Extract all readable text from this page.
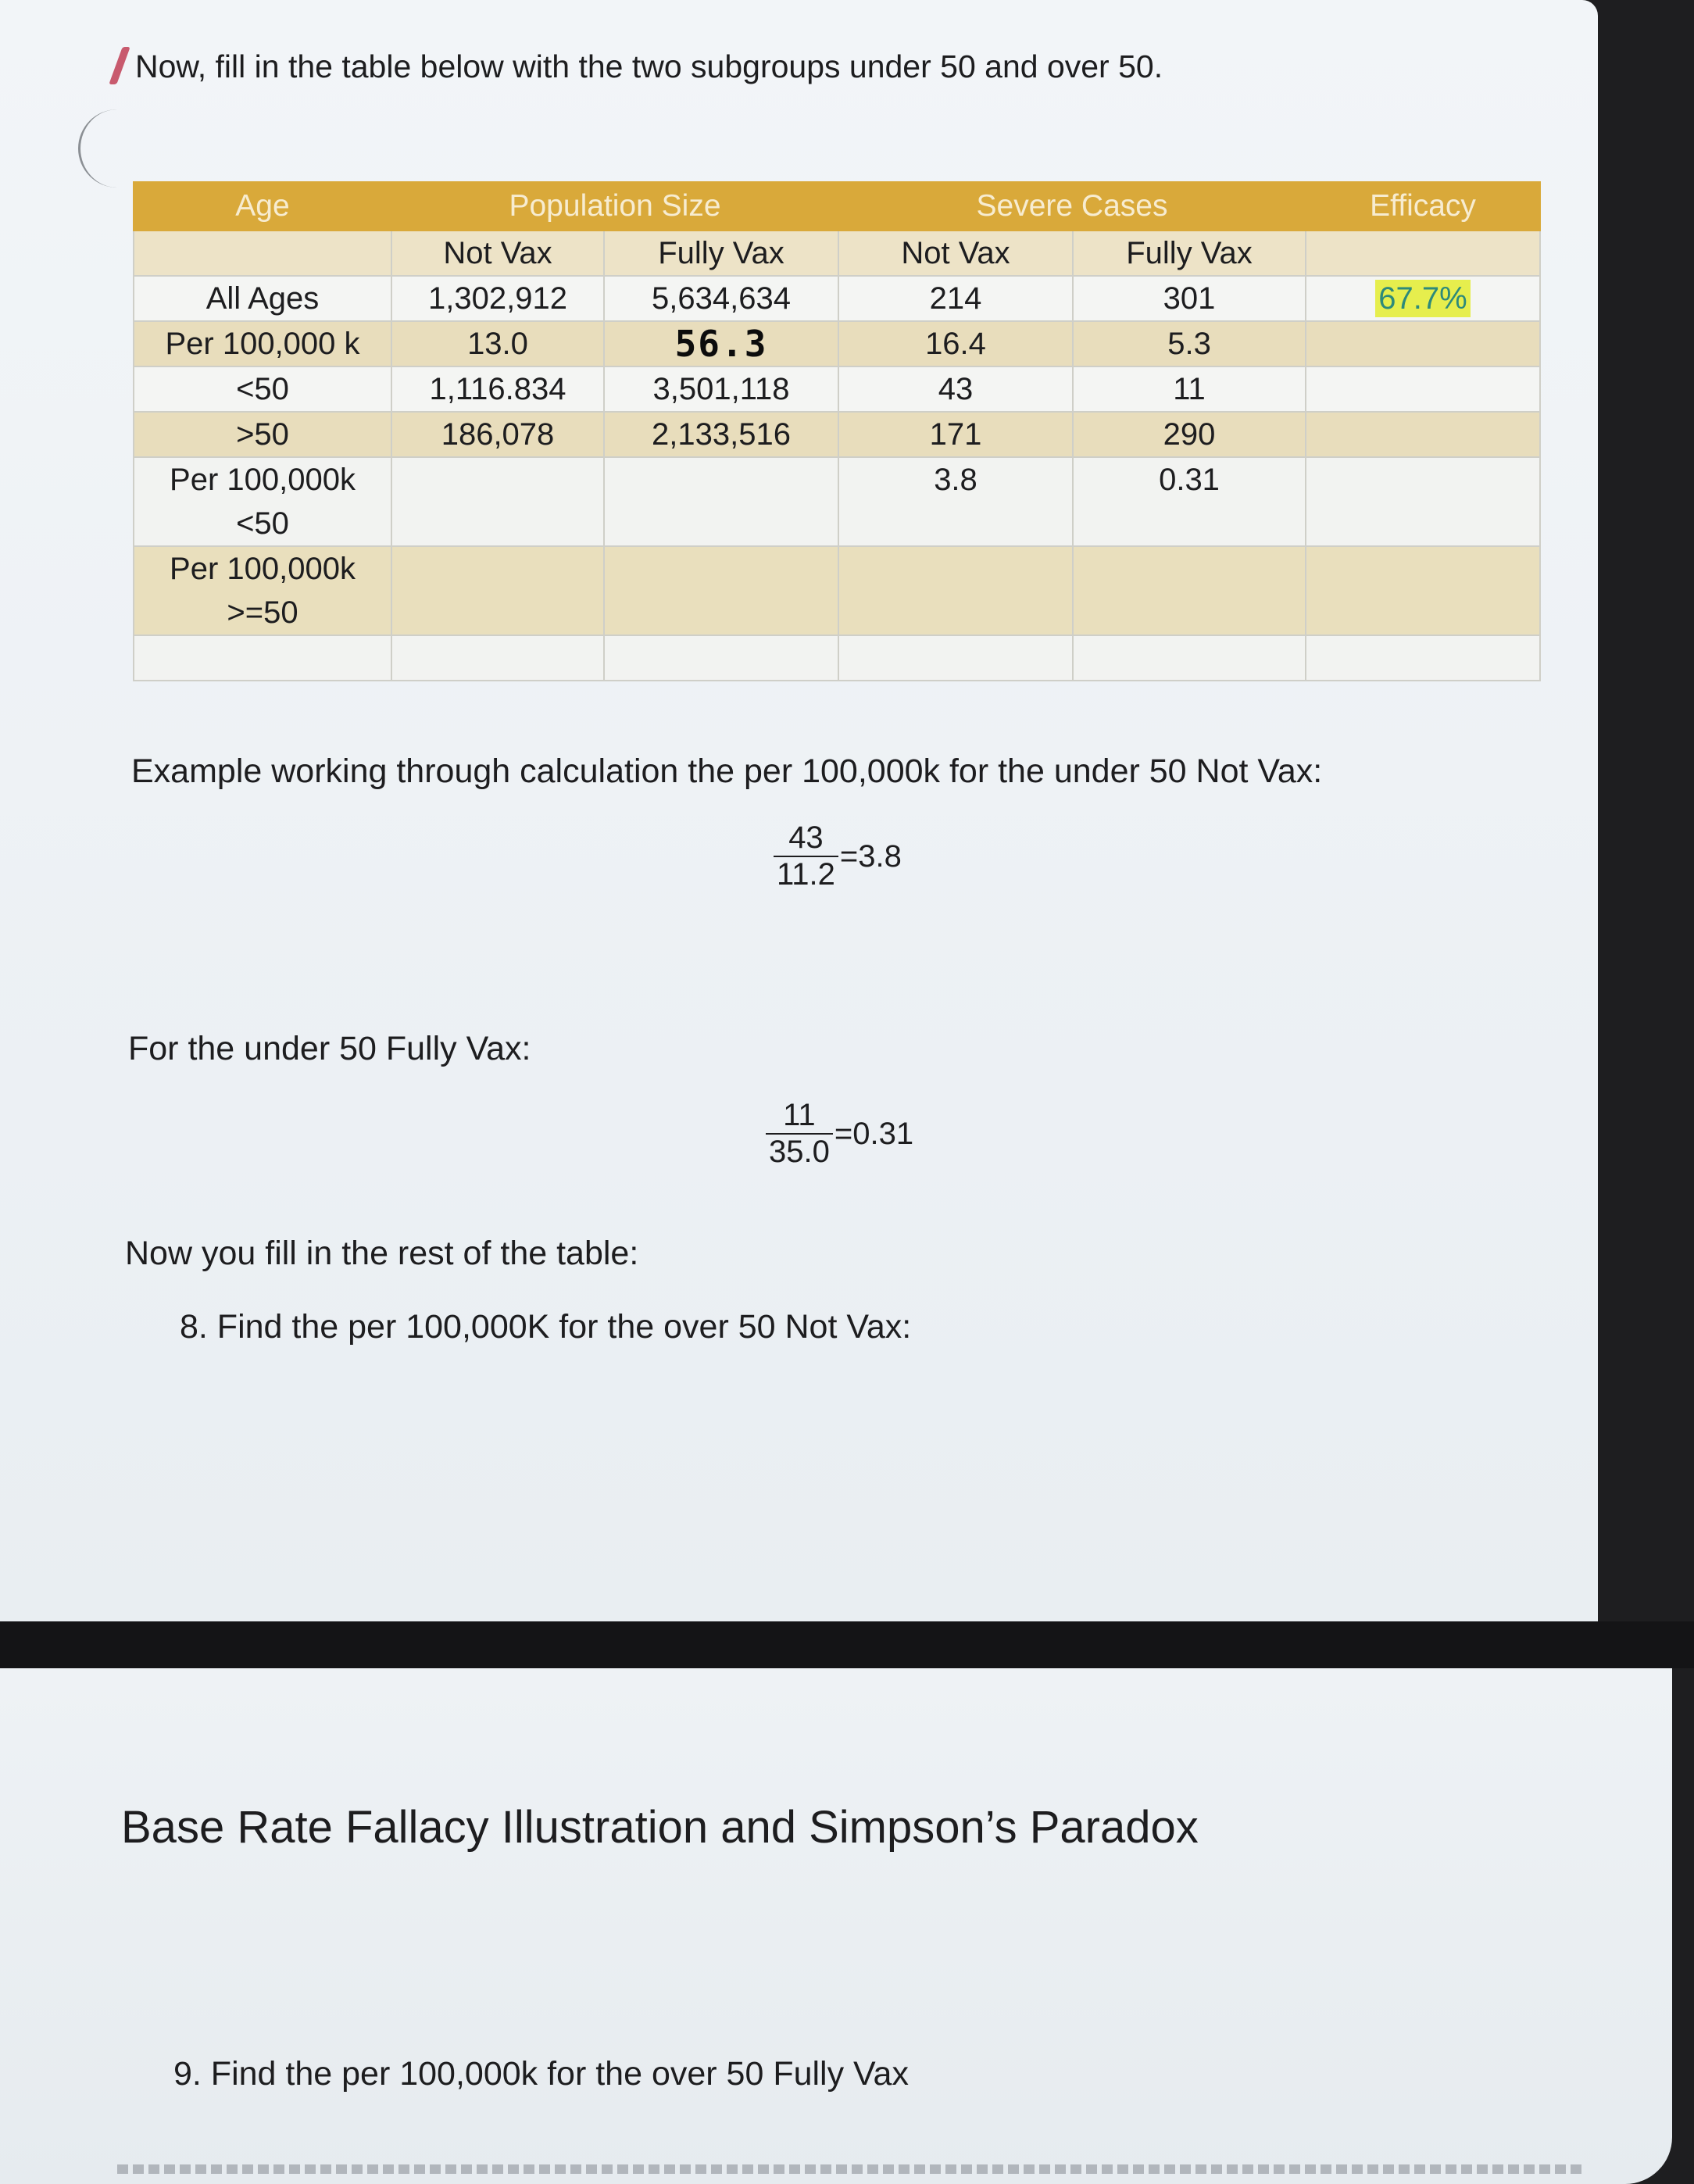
Now, fill in the table below with the two subgroups under 50 and over 50.
Age	Population Size		Severe Cases		Efficacy
	Not Vax	Fully Vax	Not Vax	Fully Vax	
All Ages	1,302,912	5,634,634	214	301	67.7%
Per 100,000 k	13.0	56.3	16.4	5.3	
<50	1,116.834	3,501,118	43	11	
>50	186,078	2,133,516	171	290	

Per 100,000k
<50			3.8	0.31	

Per 100,000k
>=50					

Example working through calculation the per 100,000k for the under 50 Not Vax:
$\frac{43}{11.2} =3.8$
For the under 50 Fully Vax:
$\frac{11}{35.0} =0.31$
Now you fill in the rest of the table:
8. Find the per 100,000K for the over 50 Not Vax:
Base Rate Fallacy Illustration and Simpson’s Paradox
9. Find the per 100,000k for the over 50 Fully Vax
